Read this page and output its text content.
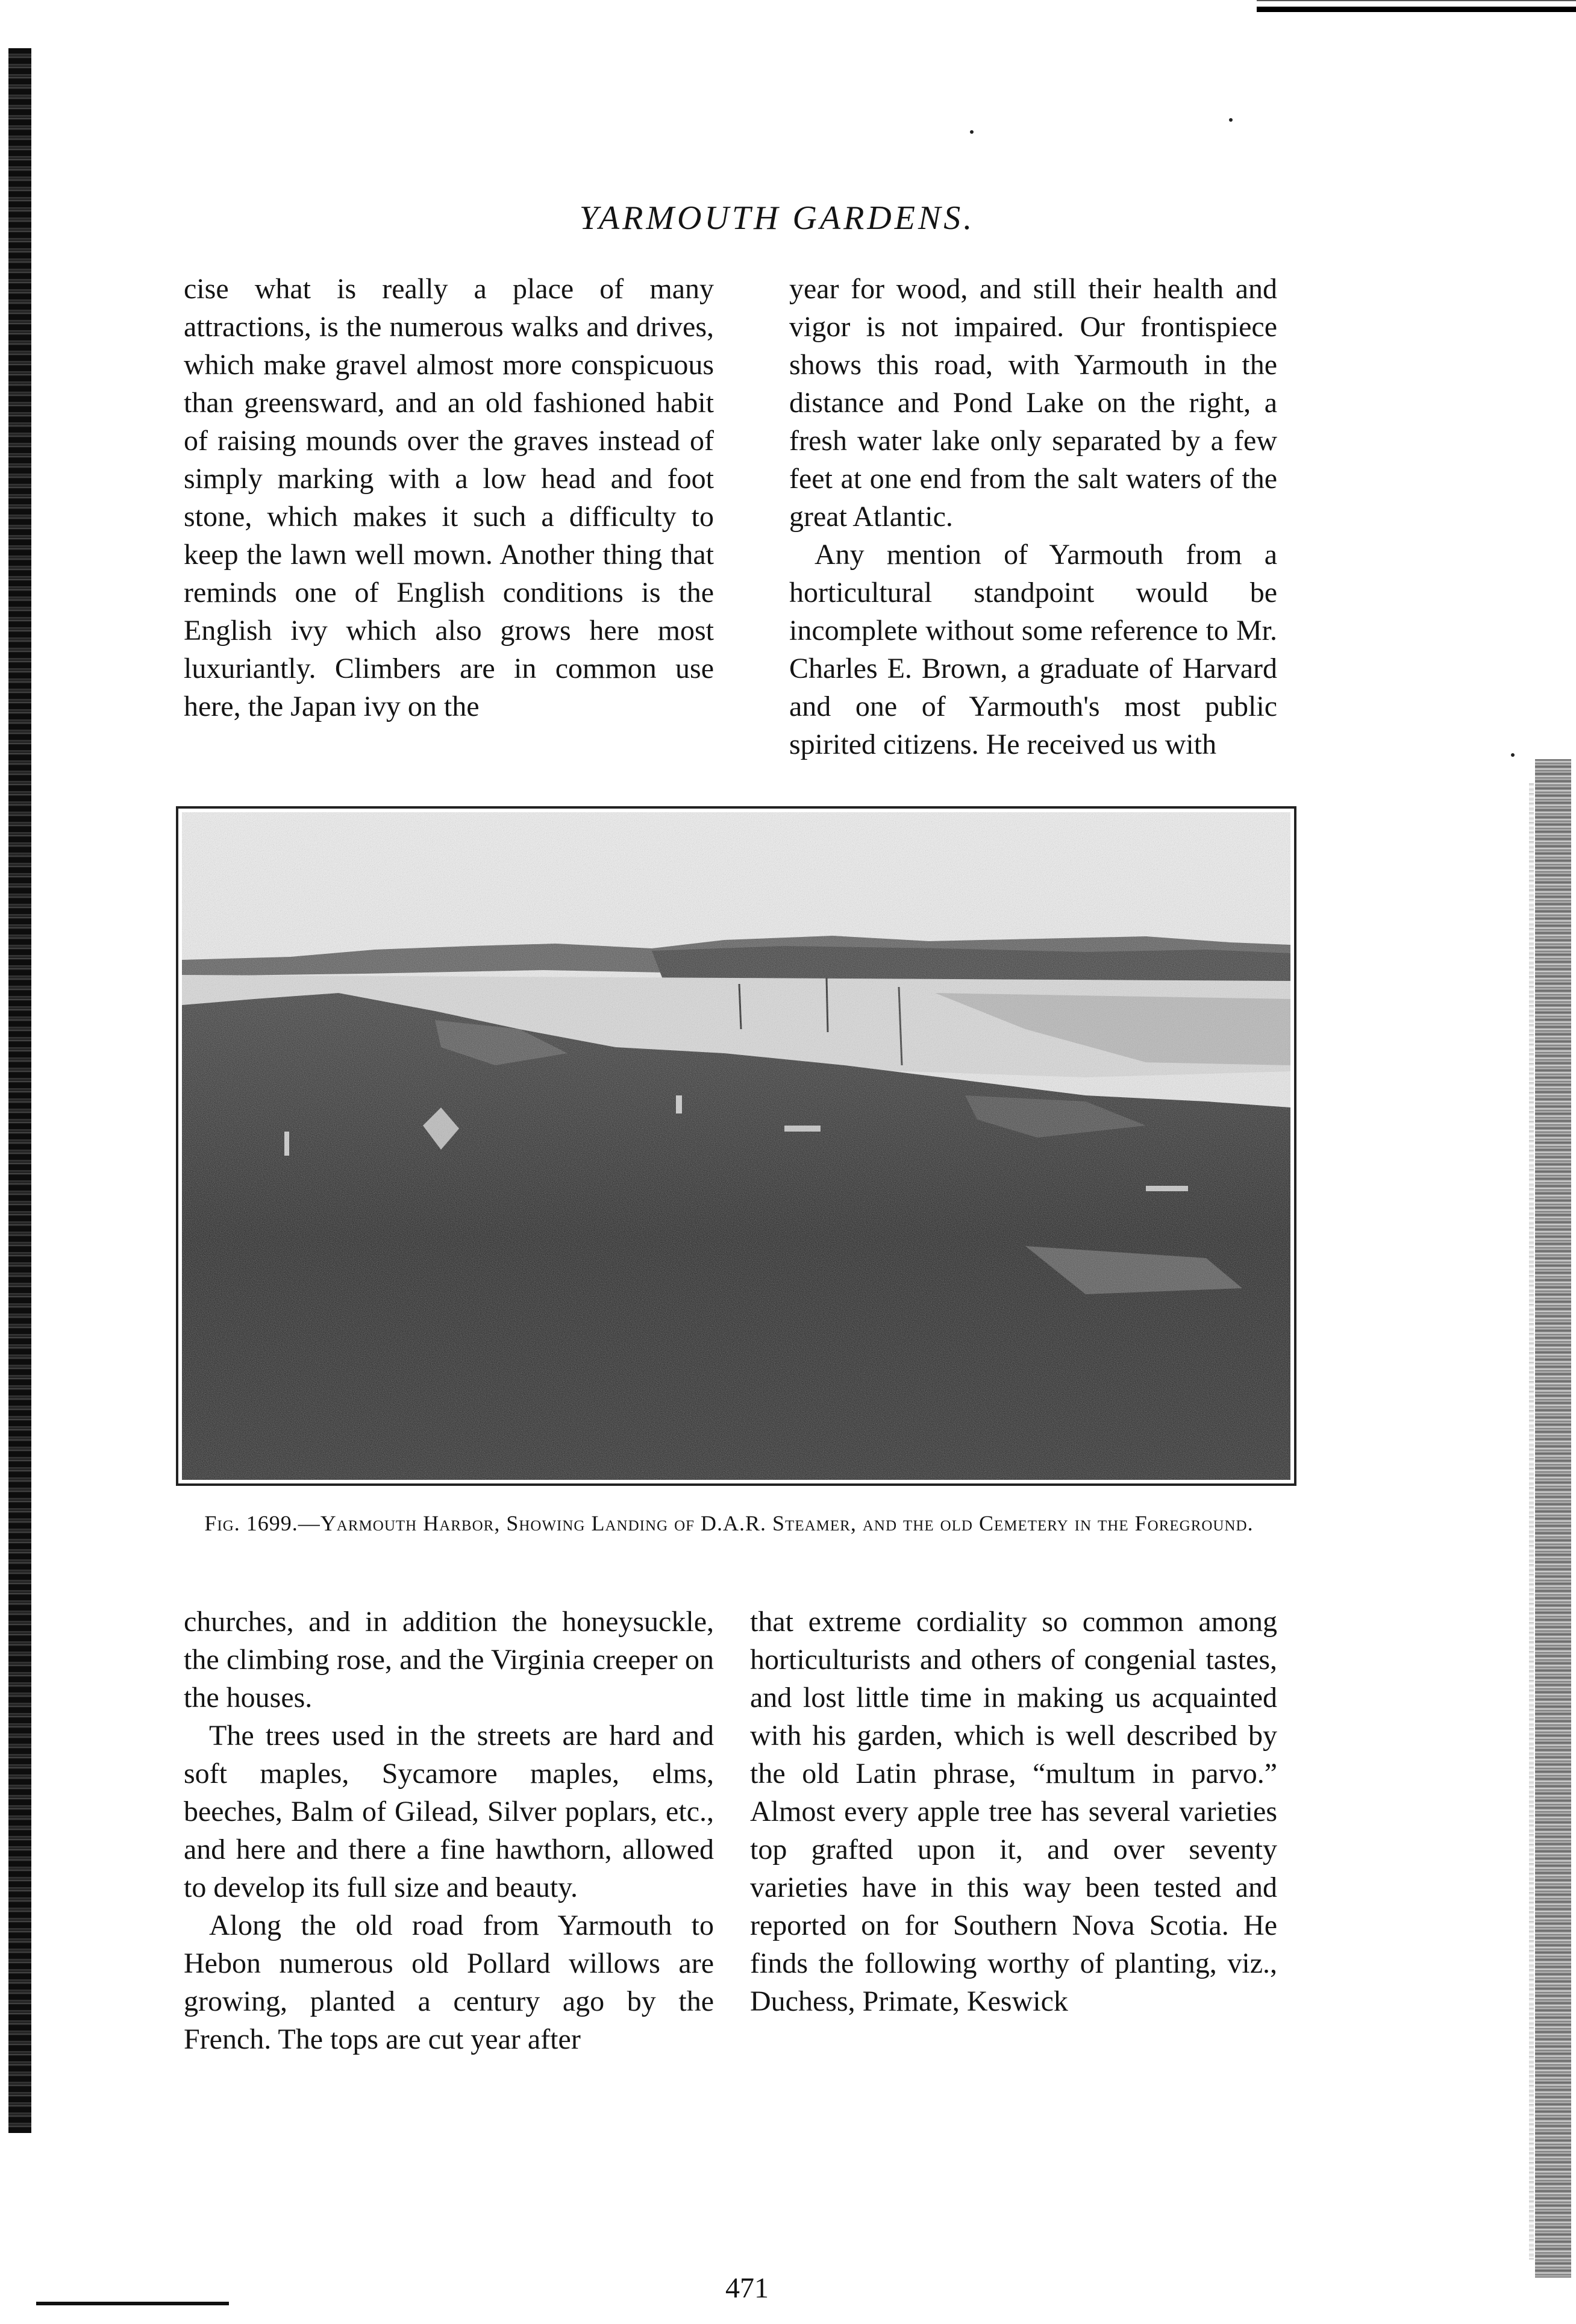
YARMOUTH GARDENS.

cise what is really a place of many attractions, is the numerous walks and drives, which make gravel almost more conspicuous than greensward, and an old fashioned habit of raising mounds over the graves instead of simply marking with a low head and foot stone, which makes it such a difficulty to keep the lawn well mown. Another thing that reminds one of English conditions is the English ivy which also grows here most luxuriantly. Climbers are in common use here, the Japan ivy on the

year for wood, and still their health and vigor is not impaired. Our frontispiece shows this road, with Yarmouth in the distance and Pond Lake on the right, a fresh water lake only separated by a few feet at one end from the salt waters of the great Atlantic.

Any mention of Yarmouth from a horticultural standpoint would be incomplete without some reference to Mr. Charles E. Brown, a graduate of Harvard and one of Yarmouth's most public spirited citizens. He received us with

Fig. 1699.—Yarmouth Harbor, Showing Landing of D.A.R. Steamer, and the old Cemetery in the Foreground.

churches, and in addition the honeysuckle, the climbing rose, and the Virginia creeper on the houses.

The trees used in the streets are hard and soft maples, Sycamore maples, elms, beeches, Balm of Gilead, Silver poplars, etc., and here and there a fine hawthorn, allowed to develop its full size and beauty.

Along the old road from Yarmouth to Hebon numerous old Pollard willows are growing, planted a century ago by the French. The tops are cut year after

that extreme cordiality so common among horticulturists and others of congenial tastes, and lost little time in making us acquainted with his garden, which is well described by the old Latin phrase, “multum in parvo.” Almost every apple tree has several varieties top grafted upon it, and over seventy varieties have in this way been tested and reported on for Southern Nova Scotia. He finds the following worthy of planting, viz., Duchess, Primate, Keswick

471
